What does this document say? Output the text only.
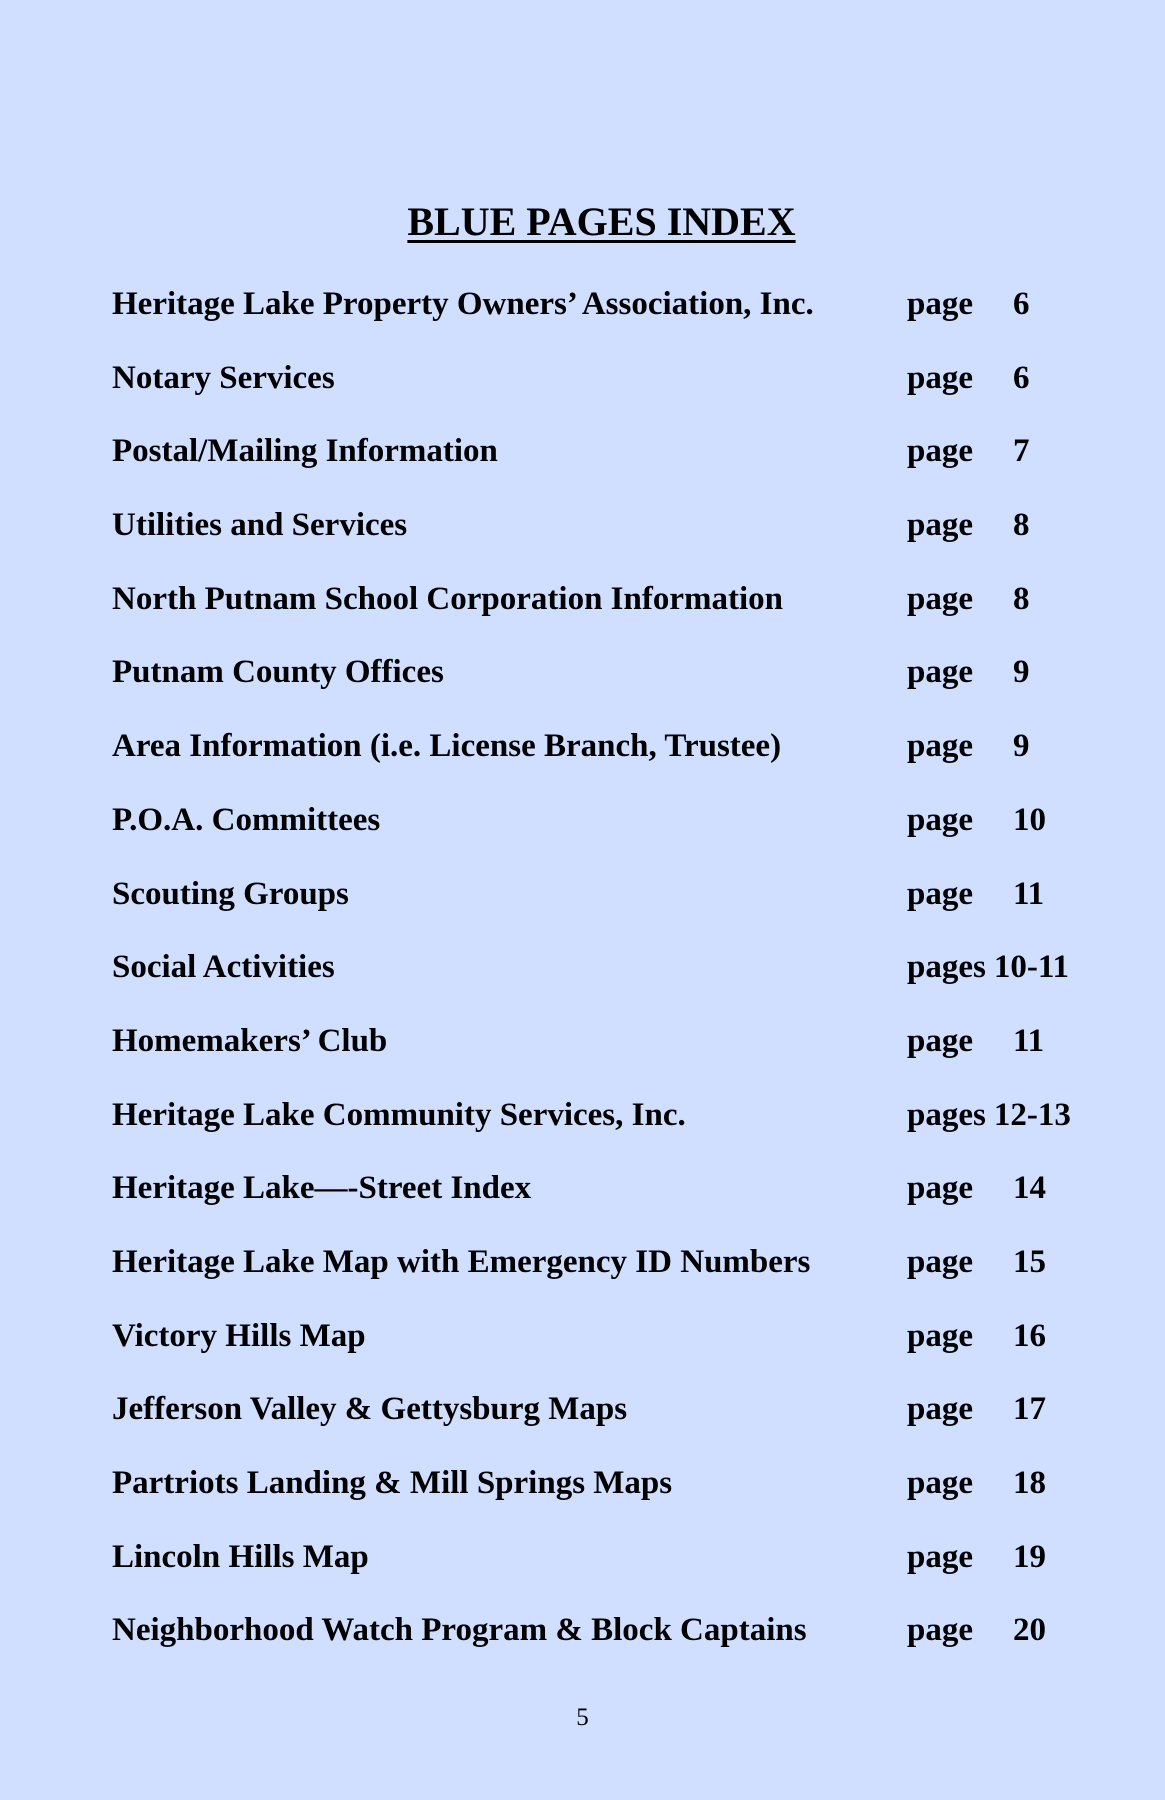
BLUE PAGES INDEX
Heritage Lake Property Owners’ Association, Inc.	page 6
Notary Services	page 6
Postal/Mailing Information	page 7
Utilities and Services	page 8
North Putnam School Corporation Information	page 8
Putnam County Offices	page 9
Area Information (i.e. License Branch, Trustee)	page 9
P.O.A. Committees	page 10
Scouting Groups	page 11
Social Activities	pages 10-11
Homemakers’ Club	page 11
Heritage Lake Community Services, Inc.	pages 12-13
Heritage Lake—-Street Index	page 14
Heritage Lake Map with Emergency ID Numbers	page 15
Victory Hills Map	page 16
Jefferson Valley & Gettysburg Maps	page 17
Partriots Landing & Mill Springs Maps	page 18
Lincoln Hills Map	page 19
Neighborhood Watch Program & Block Captains	page 20
5
